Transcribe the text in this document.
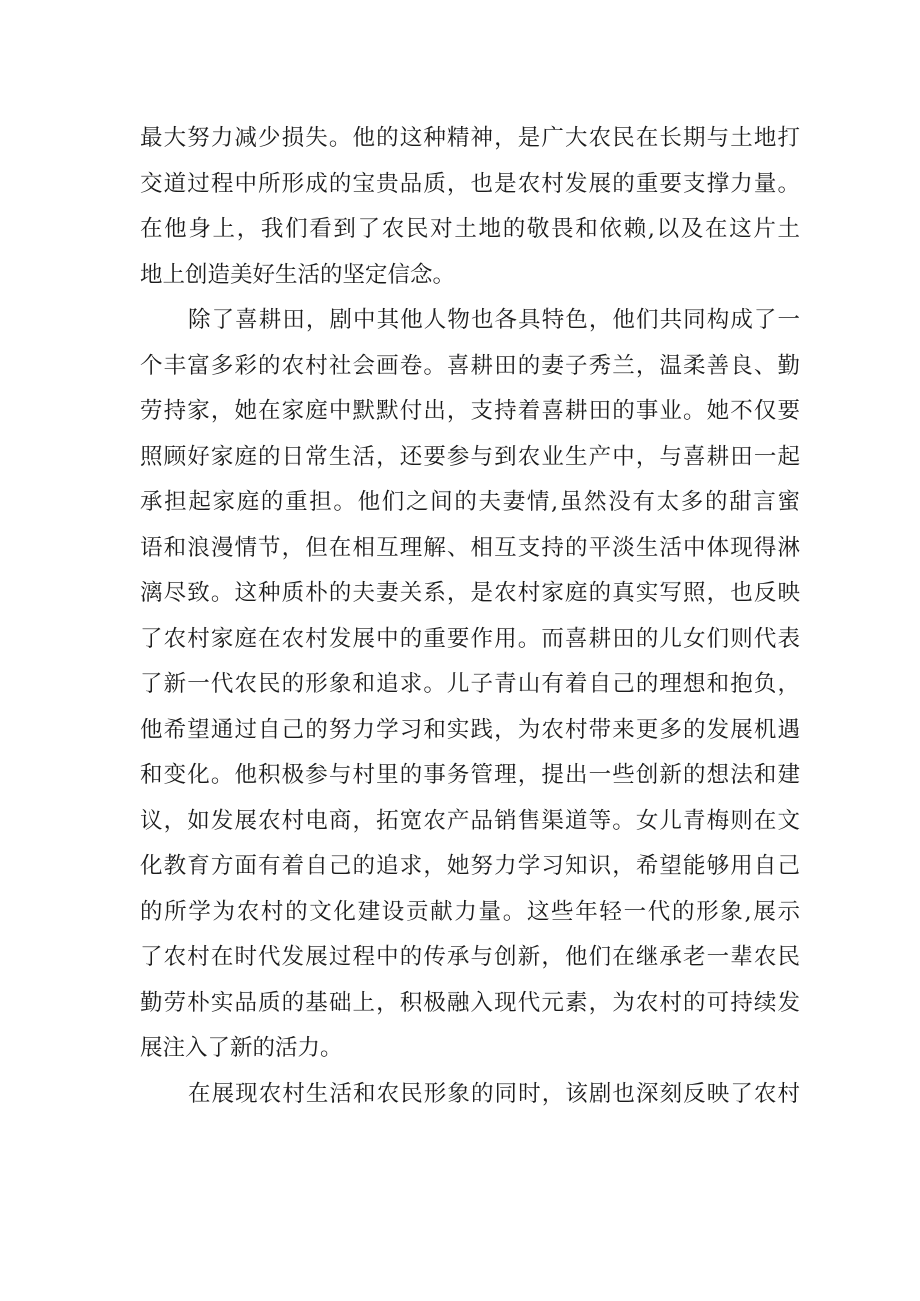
最大努力减少损失。他的这种精神，是广大农民在长期与土地打
交道过程中所形成的宝贵品质，也是农村发展的重要支撑力量。
在他身上，我们看到了农民对土地的敬畏和依赖,以及在这片土
地上创造美好生活的坚定信念。
除了喜耕田，剧中其他人物也各具特色，他们共同构成了一
个丰富多彩的农村社会画卷。喜耕田的妻子秀兰，温柔善良、勤
劳持家，她在家庭中默默付出，支持着喜耕田的事业。她不仅要
照顾好家庭的日常生活，还要参与到农业生产中，与喜耕田一起
承担起家庭的重担。他们之间的夫妻情,虽然没有太多的甜言蜜
语和浪漫情节，但在相互理解、相互支持的平淡生活中体现得淋
漓尽致。这种质朴的夫妻关系，是农村家庭的真实写照，也反映
了农村家庭在农村发展中的重要作用。而喜耕田的儿女们则代表
了新一代农民的形象和追求。儿子青山有着自己的理想和抱负，
他希望通过自己的努力学习和实践，为农村带来更多的发展机遇
和变化。他积极参与村里的事务管理，提出一些创新的想法和建
议，如发展农村电商，拓宽农产品销售渠道等。女儿青梅则在文
化教育方面有着自己的追求，她努力学习知识，希望能够用自己
的所学为农村的文化建设贡献力量。这些年轻一代的形象,展示
了农村在时代发展过程中的传承与创新，他们在继承老一辈农民
勤劳朴实品质的基础上，积极融入现代元素，为农村的可持续发
展注入了新的活力。
在展现农村生活和农民形象的同时，该剧也深刻反映了农村
